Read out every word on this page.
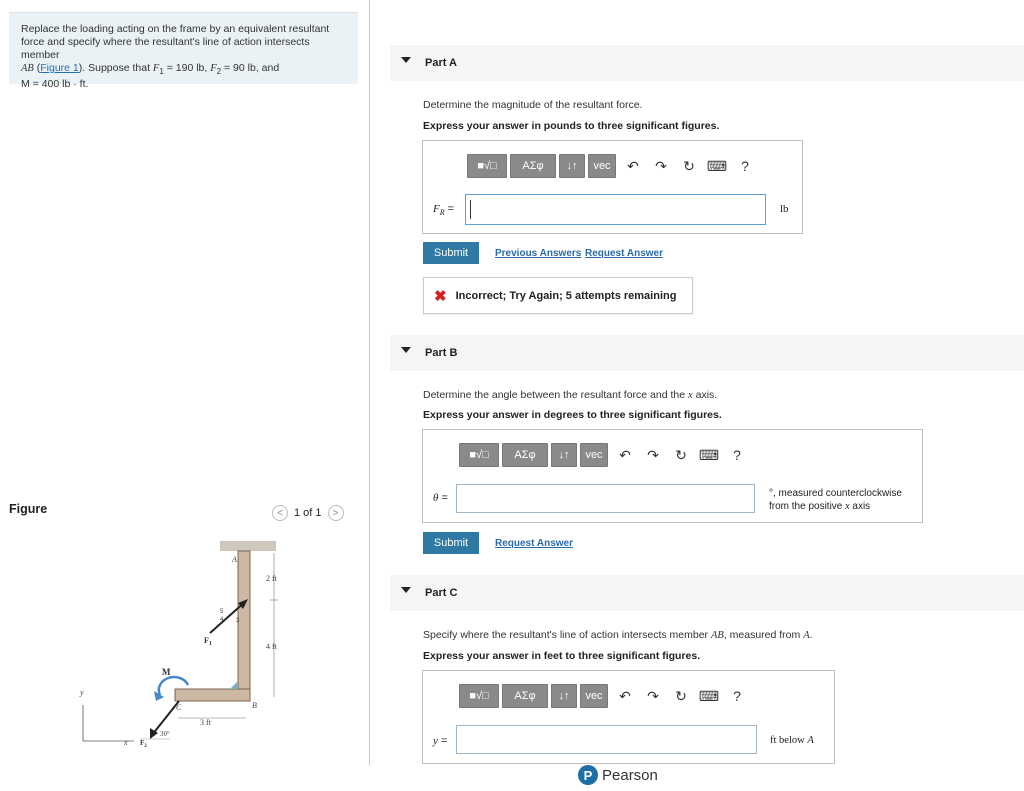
Replace the loading acting on the frame by an equivalent resultant
force and specify where the resultant's line of action intersects member
AB (Figure 1). Suppose that $F_1 = 190$ lb, $F_2 = 90$ lb, and
M = 400 lb · ft.
Figure	<	1 of 1	>
2 ft
4 ft
3 ft
A
B
C
4 3
5
$F_1$
M
30°
$F_2$
y
x
Part A
Determine the magnitude of the resultant force.
Express your answer in pounds to three significant figures.
■√□	ΑΣφ	↓↑	vec	↶	↷	↻ ⌨ ?
$F_R$ =	lb
Submit	Previous Answers Request Answer
✖ Incorrect; Try Again; 5 attempts remaining
Part B
Determine the angle between the resultant force and the x axis.
Express your answer in degrees to three significant figures.
■√□	ΑΣφ	↓↑	vec	↶	↷	↻ ⌨ ?
θ =	°, measured counterclockwise
from the positive x axis
Submit	Request Answer
Part C
Specify where the resultant's line of action intersects member AB, measured from A.
Express your answer in feet to three significant figures.
■√□	ΑΣφ	↓↑	vec	↶	↷	↻ ⌨ ?
y =	ft below A
P Pearson
